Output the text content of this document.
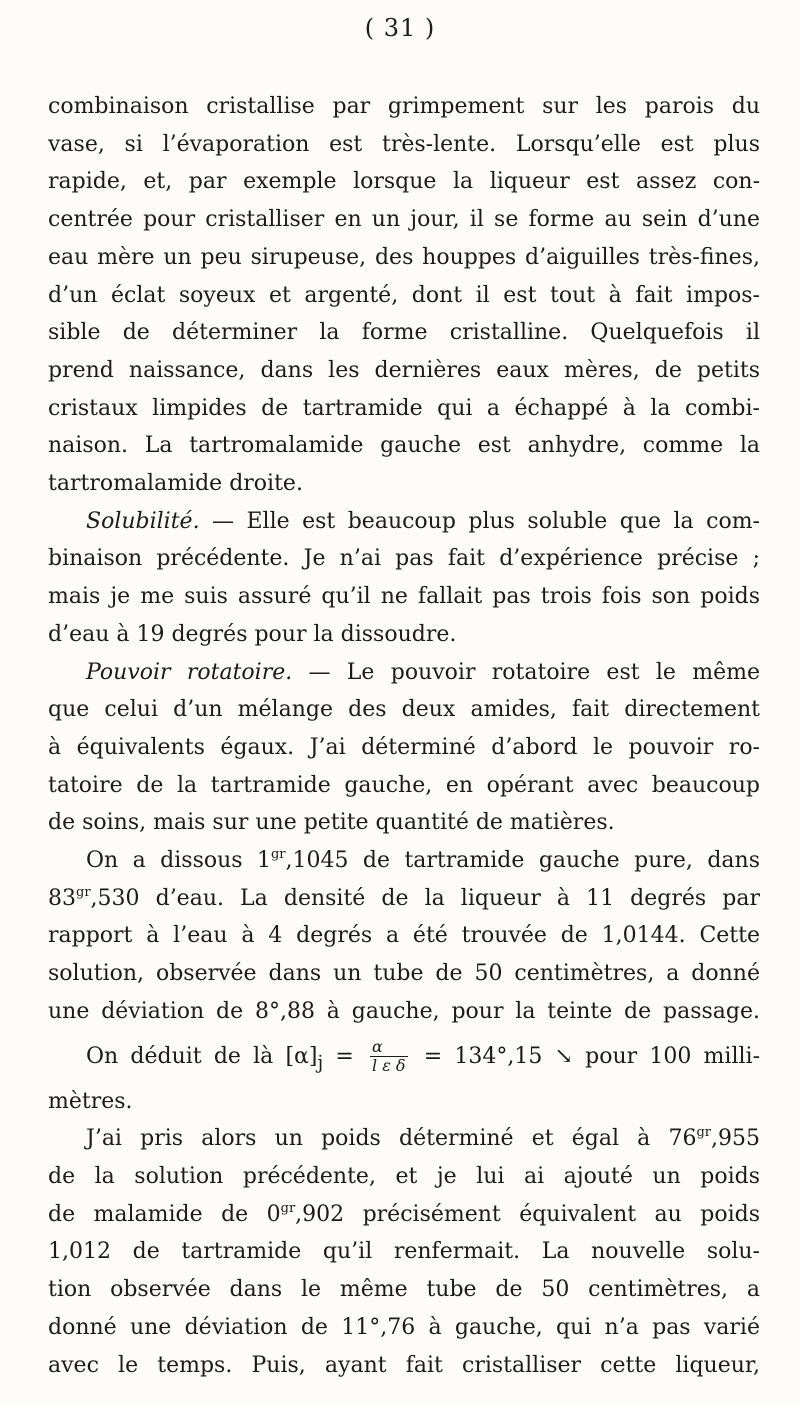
( 31 )
combinaison cristallise par grimpement sur les parois du
vase, si l’évaporation est très-lente. Lorsqu’elle est plus
rapide, et, par exemple lorsque la liqueur est assez con-
centrée pour cristalliser en un jour, il se forme au sein d’une
eau mère un peu sirupeuse, des houppes d’aiguilles très-fines,
d’un éclat soyeux et argenté, dont il est tout à fait impos-
sible de déterminer la forme cristalline. Quelquefois il
prend naissance, dans les dernières eaux mères, de petits
cristaux limpides de tartramide qui a échappé à la combi-
naison. La tartromalamide gauche est anhydre, comme la
tartromalamide droite.
Solubilité. — Elle est beaucoup plus soluble que la com-
binaison précédente. Je n’ai pas fait d’expérience précise ;
mais je me suis assuré qu’il ne fallait pas trois fois son poids
d’eau à 19 degrés pour la dissoudre.
Pouvoir rotatoire. — Le pouvoir rotatoire est le même
que celui d’un mélange des deux amides, fait directement
à équivalents égaux. J’ai déterminé d’abord le pouvoir ro-
tatoire de la tartramide gauche, en opérant avec beaucoup
de soins, mais sur une petite quantité de matières.
On a dissous $1^{gr},1045$ de tartramide gauche pure, dans
$83^{gr},530$ d’eau. La densité de la liqueur à 11 degrés par
rapport à l’eau à 4 degrés a été trouvée de 1,0144. Cette
solution, observée dans un tube de 50 centimètres, a donné
une déviation de 8°,88 à gauche, pour la teinte de passage.
On déduit de là $[\alpha]_j = \frac{\alpha}{\text{l ε δ}} = 134^\circ,15$ ↘ pour 100 milli-
mètres.
J’ai pris alors un poids déterminé et égal à $76^{gr},955$
de la solution précédente, et je lui ai ajouté un poids
de malamide de $0^{gr},902$ précisément équivalent au poids
1,012 de tartramide qu’il renfermait. La nouvelle solu-
tion observée dans le même tube de 50 centimètres, a
donné une déviation de 11°,76 à gauche, qui n’a pas varié
avec le temps. Puis, ayant fait cristalliser cette liqueur,
